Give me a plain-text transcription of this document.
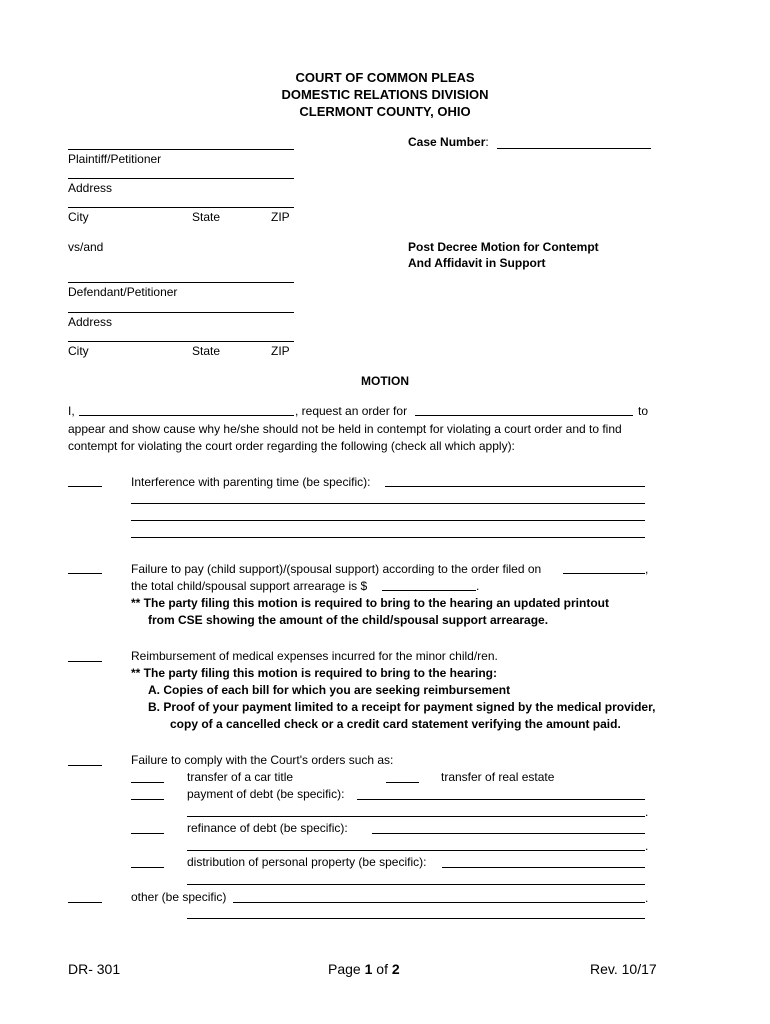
COURT OF COMMON PLEAS
DOMESTIC RELATIONS DIVISION
CLERMONT COUNTY, OHIO
Plaintiff/Petitioner
Address
City	State	ZIP
vs/and
Defendant/Petitioner
Address
City	State	ZIP
Case Number:
Post Decree Motion for Contempt
And Affidavit in Support
MOTION
I,	, request an order for	to
appear and show cause why he/she should not be held in contempt for violating a court order and to find
contempt for violating the court order regarding the following (check all which apply):
Interference with parenting time (be specific):
Failure to pay (child support)/(spousal support) according to the order filed on	,
the total child/spousal support arrearage is $	.
** The party filing this motion is required to bring to the hearing an updated printout
from CSE showing the amount of the child/spousal support arrearage.
Reimbursement of medical expenses incurred for the minor child/ren.
** The party filing this motion is required to bring to the hearing:
A. Copies of each bill for which you are seeking reimbursement
B. Proof of your payment limited to a receipt for payment signed by the medical provider,
copy of a cancelled check or a credit card statement verifying the amount paid.
Failure to comply with the Court's orders such as:
transfer of a car title	transfer of real estate
payment of debt (be specific):
.
refinance of debt (be specific):
.
distribution of personal property (be specific):
other (be specific)	.
DR- 301	Page 1 of 2	Rev. 10/17
